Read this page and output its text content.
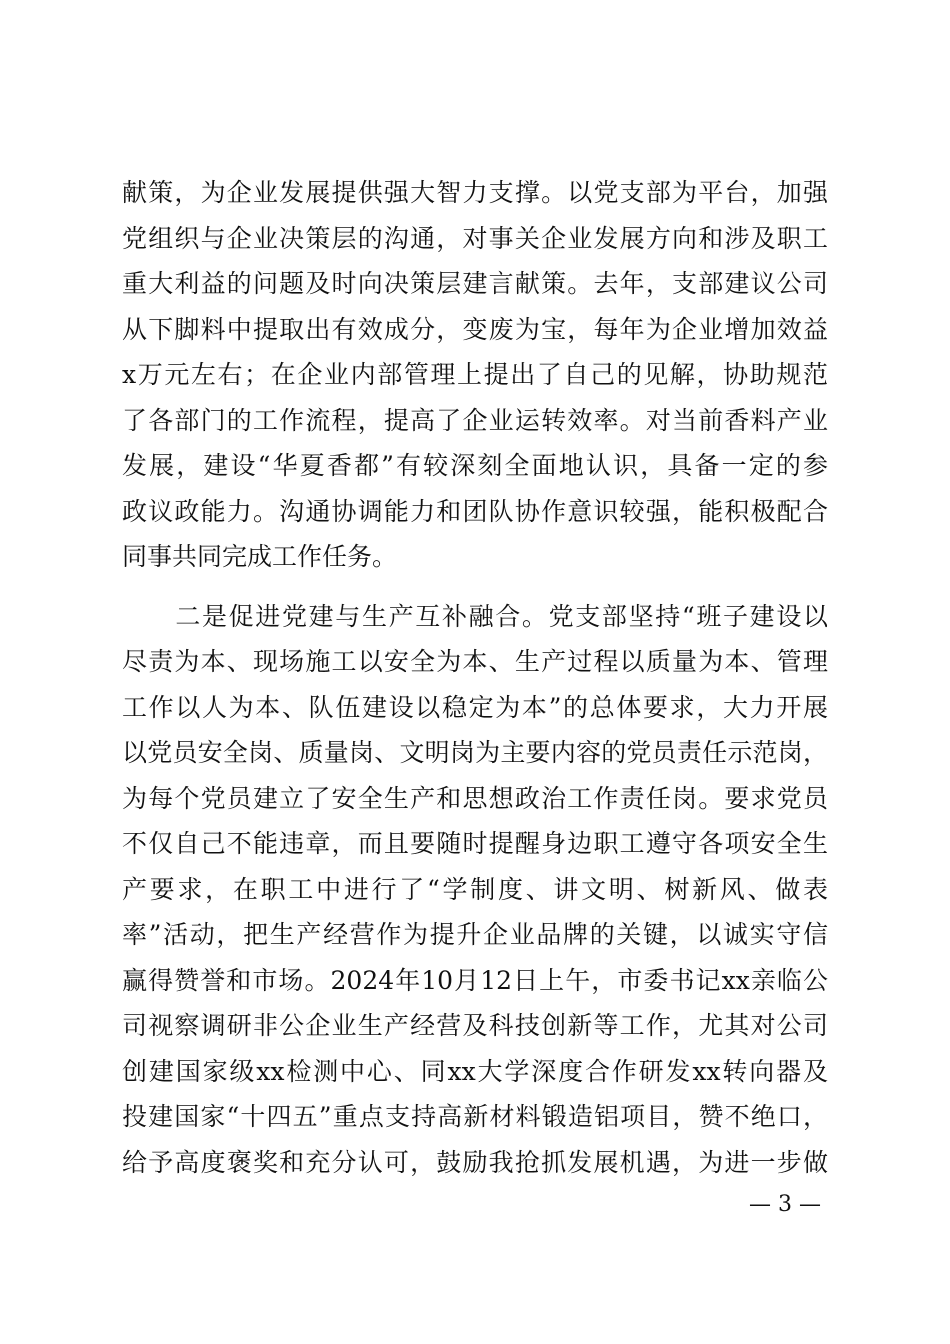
献策，为企业发展提供强大智力支撑。以党支部为平台，加强
党组织与企业决策层的沟通，对事关企业发展方向和涉及职工
重大利益的问题及时向决策层建言献策。去年，支部建议公司
从下脚料中提取出有效成分，变废为宝，每年为企业增加效益
x万元左右；在企业内部管理上提出了自己的见解，协助规范
了各部门的工作流程，提高了企业运转效率。对当前香料产业
发展，建设“华夏香都”有较深刻全面地认识，具备一定的参
政议政能力。沟通协调能力和团队协作意识较强，能积极配合
同事共同完成工作任务。
　　二是促进党建与生产互补融合。党支部坚持“班子建设以
尽责为本、现场施工以安全为本、生产过程以质量为本、管理
工作以人为本、队伍建设以稳定为本”的总体要求，大力开展
以党员安全岗、质量岗、文明岗为主要内容的党员责任示范岗，
为每个党员建立了安全生产和思想政治工作责任岗。要求党员
不仅自己不能违章，而且要随时提醒身边职工遵守各项安全生
产要求，在职工中进行了“学制度、讲文明、树新风、做表
率”活动，把生产经营作为提升企业品牌的关键，以诚实守信
赢得赞誉和市场。2024年10月12日上午，市委书记xx亲临公
司视察调研非公企业生产经营及科技创新等工作，尤其对公司
创建国家级xx检测中心、同xx大学深度合作研发xx转向器及
投建国家“十四五”重点支持高新材料锻造铝项目，赞不绝口，
给予高度褒奖和充分认可，鼓励我抢抓发展机遇，为进一步做
— 3 —
